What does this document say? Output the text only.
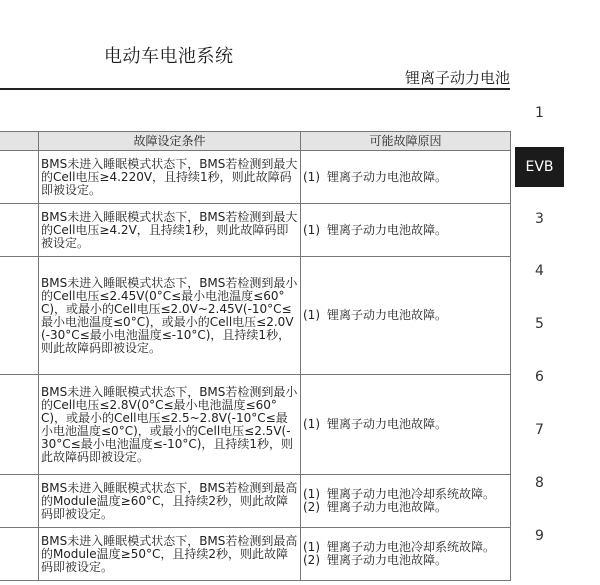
电动车电池系统
锂离子动力电池
1
EVB
3
4
5
6
7
8
9
	故障设定条件	可能故障原因
	BMS未进入睡眠模式状态下，BMS若检测到最大的Cell电压≥4.220V，且持续1秒，则此故障码即被设定。	(1) 锂离子动力电池故障。

	BMS未进入睡眠模式状态下，BMS若检测到最大的Cell电压≥4.2V，且持续1秒，则此故障码即被设定。	(1) 锂离子动力电池故障。

	BMS未进入睡眠模式状态下，BMS若检测到最小的Cell电压≤2.45V(0°C≤最小电池温度≤60°C)，或最小的Cell电压≤2.0V~2.45V(-10°C≤最小电池温度≤0°C)，或最小的Cell电压≤2.0V(-30°C≤最小电池温度≤-10°C)，且持续1秒，则此故障码即被设定。	(1) 锂离子动力电池故障。

	BMS未进入睡眠模式状态下，BMS若检测到最小的Cell电压≤2.8V(0°C≤最小电池温度≤60°C)，或最小的Cell电压≤2.5~2.8V(-10°C≤最小电池温度≤0°C)，或最小的Cell电压≤2.5V(-30°C≤最小电池温度≤-10°C)，且持续1秒，则此故障码即被设定。	(1) 锂离子动力电池故障。

	BMS未进入睡眠模式状态下，BMS若检测到最高的Module温度≥60°C，且持续2秒，则此故障码即被设定。	(1) 锂离子动力电池冷却系统故障。
(2) 锂离子动力电池故障。

	BMS未进入睡眠模式状态下，BMS若检测到最高的Module温度≥50°C，且持续2秒，则此故障码即被设定。	(1) 锂离子动力电池冷却系统故障。
(2) 锂离子动力电池故障。
